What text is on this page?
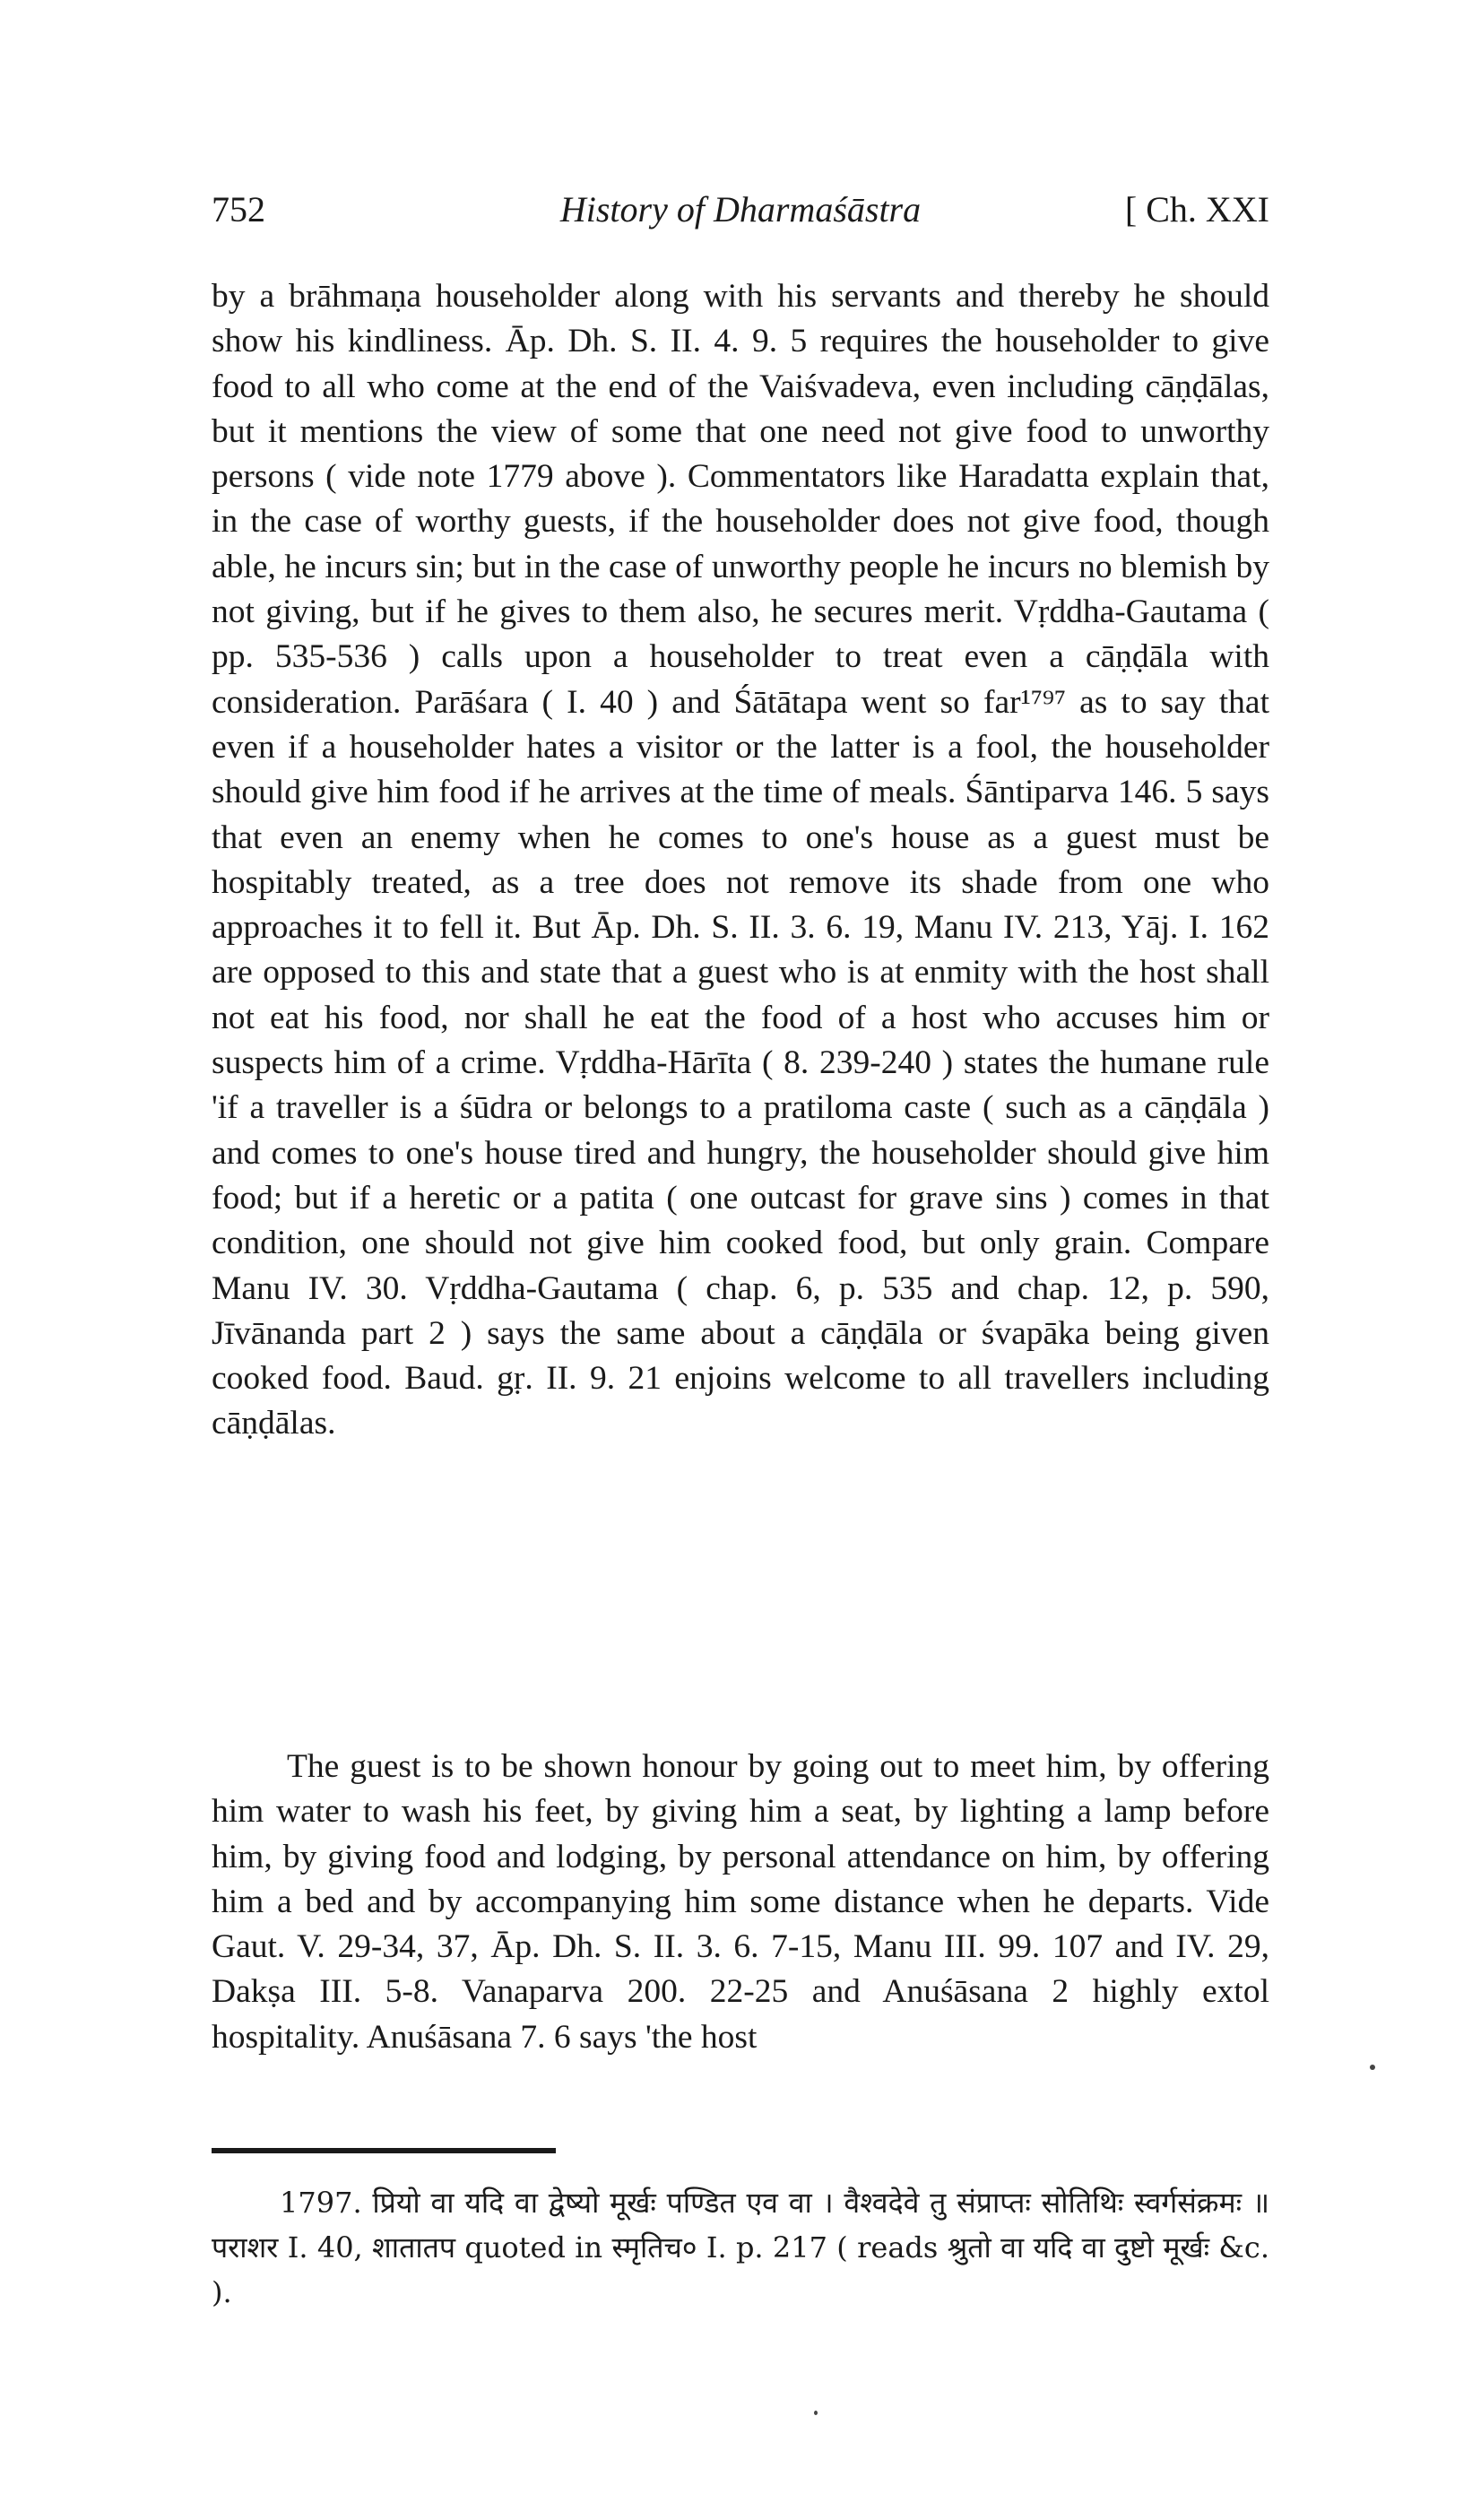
752	History of Dharmaśāstra	[ Ch. XXI
by a brāhmaṇa householder along with his servants and thereby he should show his kindliness. Āp. Dh. S. II. 4. 9. 5 requires the householder to give food to all who come at the end of the Vaiśvadeva, even including cāṇḍālas, but it mentions the view of some that one need not give food to unworthy persons ( vide note 1779 above ). Commentators like Haradatta explain that, in the case of worthy guests, if the householder does not give food, though able, he incurs sin; but in the case of unworthy people he incurs no blemish by not giving, but if he gives to them also, he secures merit. Vṛddha-Gautama ( pp. 535-536 ) calls upon a householder to treat even a cāṇḍāla with consideration. Parāśara ( I. 40 ) and Śātātapa went so far¹⁷⁹⁷ as to say that even if a householder hates a visitor or the latter is a fool, the householder should give him food if he arrives at the time of meals. Śāntiparva 146. 5 says that even an enemy when he comes to one's house as a guest must be hospitably treated, as a tree does not remove its shade from one who approaches it to fell it. But Āp. Dh. S. II. 3. 6. 19, Manu IV. 213, Yāj. I. 162 are opposed to this and state that a guest who is at enmity with the host shall not eat his food, nor shall he eat the food of a host who accuses him or suspects him of a crime. Vṛddha-Hārīta ( 8. 239-240 ) states the humane rule 'if a traveller is a śūdra or belongs to a pratiloma caste ( such as a cāṇḍāla ) and comes to one's house tired and hungry, the householder should give him food; but if a heretic or a patita ( one outcast for grave sins ) comes in that condition, one should not give him cooked food, but only grain. Compare Manu IV. 30. Vṛddha-Gautama ( chap. 6, p. 535 and chap. 12, p. 590, Jīvānanda part 2 ) says the same about a cāṇḍāla or śvapāka being given cooked food. Baud. gṛ. II. 9. 21 enjoins welcome to all travellers including cāṇḍālas.
The guest is to be shown honour by going out to meet him, by offering him water to wash his feet, by giving him a seat, by lighting a lamp before him, by giving food and lodging, by personal attendance on him, by offering him a bed and by accompanying him some distance when he departs. Vide Gaut. V. 29-34, 37, Āp. Dh. S. II. 3. 6. 7-15, Manu III. 99. 107 and IV. 29, Dakṣa III. 5-8. Vanaparva 200. 22-25 and Anuśāsana 2 highly extol hospitality. Anuśāsana 7. 6 says 'the host
1797. प्रियो वा यदि वा द्वेष्यो मूर्खः पण्डित एव वा । वैश्वदेवे तु संप्राप्तः सोतिथिः स्वर्गसंक्रमः ॥ पराशर I. 40, शातातप quoted in स्मृतिच० I. p. 217 ( reads श्रुतो वा यदि वा दुष्टो मूर्खः &c. ).
